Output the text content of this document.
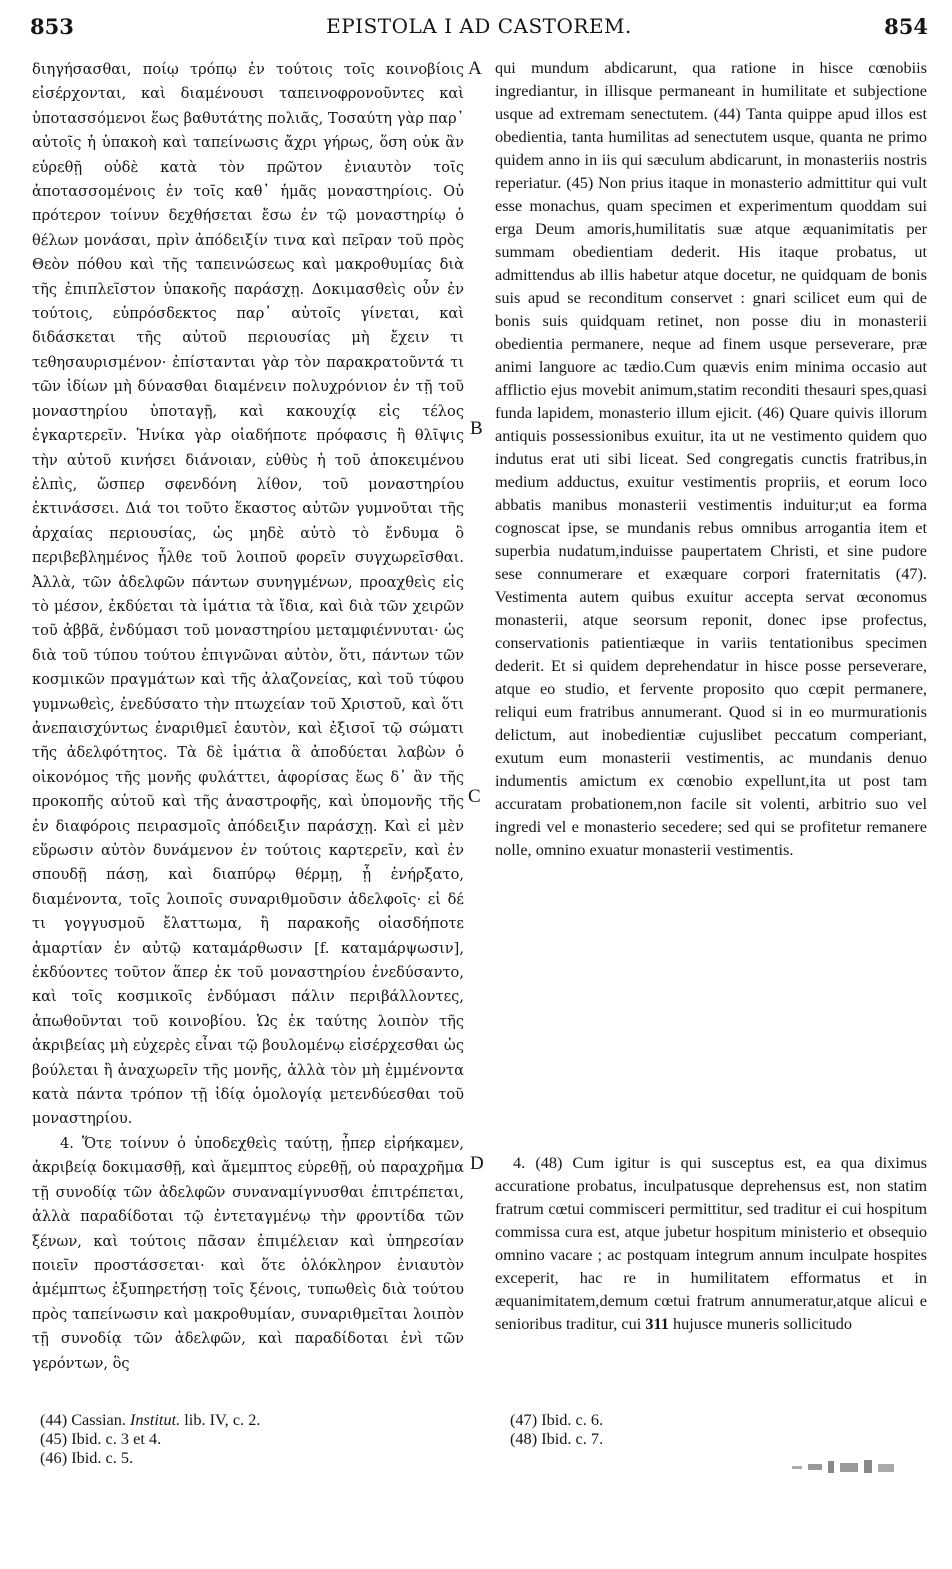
853	EPISTOLA I AD CASTOREM.	854

διηγήσασθαι, ποίῳ τρόπῳ ἐν τούτοις τοῖς κοινοβίοις εἰσέρχονται, καὶ διαμένουσι ταπεινοφρονοῦντες καὶ ὑποτασσόμενοι ἕως βαθυτάτης πολιᾶς, Τοσαύτη γὰρ παρ᾽ αὐτοῖς ἡ ὑπακοὴ καὶ ταπείνωσις ἄχρι γήρως, ὅση οὐκ ἂν εὑρεθῇ οὐδὲ κατὰ τὸν πρῶτον ἐνιαυτὸν τοῖς ἀποτασσομένοις ἐν τοῖς καθ᾽ ἡμᾶς μοναστηρίοις. Οὐ πρότερον τοίνυν δεχθήσεται ἔσω ἐν τῷ μοναστηρίῳ ὁ θέλων μονάσαι, πρὶν ἀπόδειξίν τινα καὶ πεῖραν τοῦ πρὸς Θεὸν πόθου καὶ τῆς ταπεινώσεως καὶ μακροθυμίας διὰ τῆς ἐπιπλεῖστον ὑπακοῆς παράσχῃ. Δοκιμασθεὶς οὖν ἐν τούτοις, εὐπρόσδεκτος παρ᾽ αὐτοῖς γίνεται, καὶ διδάσκεται τῆς αὐτοῦ περιουσίας μὴ ἔχειν τι τεθησαυρισμένον· ἐπίστανται γὰρ τὸν παρακρατοῦντά τι τῶν ἰδίων μὴ δύνασθαι διαμένειν πολυχρόνιον ἐν τῇ τοῦ μοναστηρίου ὑποταγῇ, καὶ κακουχίᾳ εἰς τέλος ἐγκαρτερεῖν. Ἡνίκα γὰρ οἱαδήποτε πρόφασις ἢ θλῖψις τὴν αὐτοῦ κινήσει διάνοιαν, εὐθὺς ἡ τοῦ ἀποκειμένου ἐλπὶς, ὥσπερ σφενδόνη λίθον, τοῦ μοναστηρίου ἐκτινάσσει. Διά τοι τοῦτο ἕκαστος αὐτῶν γυμνοῦται τῆς ἀρχαίας περιουσίας, ὡς μηδὲ αὐτὸ τὸ ἔνδυμα ὃ περιβεβλημένος ἦλθε τοῦ λοιποῦ φορεῖν συγχωρεῖσθαι. Ἀλλὰ, τῶν ἀδελφῶν πάντων συνηγμένων, προαχθεὶς εἰς τὸ μέσον, ἐκδύεται τὰ ἱμάτια τὰ ἴδια, καὶ διὰ τῶν χειρῶν τοῦ ἀββᾶ, ἐνδύμασι τοῦ μοναστηρίου μεταμφιέννυται· ὡς διὰ τοῦ τύπου τούτου ἐπιγνῶναι αὐτὸν, ὅτι, πάντων τῶν κοσμικῶν πραγμάτων καὶ τῆς ἀλαζονείας, καὶ τοῦ τύφου γυμνωθεὶς, ἐνεδύσατο τὴν πτωχείαν τοῦ Χριστοῦ, καὶ ὅτι ἀνεπαισχύντως ἐναριθμεῖ ἑαυτὸν, καὶ ἐξισοῖ τῷ σώματι τῆς ἀδελφότητος. Τὰ δὲ ἱμάτια ἃ ἀποδύεται λαβὼν ὁ οἰκονόμος τῆς μονῆς φυλάττει, ἀφορίσας ἕως δ᾽ ἂν τῆς προκοπῆς αὐτοῦ καὶ τῆς ἀναστροφῆς, καὶ ὑπομονῆς τῆς ἐν διαφόροις πειρασμοῖς ἀπόδειξιν παράσχῃ. Καὶ εἰ μὲν εὕρωσιν αὐτὸν δυνάμενον ἐν τούτοις καρτερεῖν, καὶ ἐν σπουδῇ πάσῃ, καὶ διαπύρῳ θέρμῃ, ᾗ ἐνήρξατο, διαμένοντα, τοῖς λοιποῖς συναριθμοῦσιν ἀδελφοῖς· εἰ δέ τι γογγυσμοῦ ἔλαττωμα, ἢ παρακοῆς οἱασδήποτε ἁμαρτίαν ἐν αὐτῷ καταμάρθωσιν [f. καταμάρψωσιν], ἐκδύοντες τοῦτον ἅπερ ἐκ τοῦ μοναστηρίου ἐνεδύσαντο, καὶ τοῖς κοσμικοῖς ἐνδύμασι πάλιν περιβάλλοντες, ἀπωθοῦνται τοῦ κοινοβίου. Ὡς ἐκ ταύτης λοιπὸν τῆς ἀκριβείας μὴ εὐχερὲς εἶναι τῷ βουλομένῳ εἰσέρχεσθαι ὡς βούλεται ἢ ἀναχωρεῖν τῆς μονῆς, ἀλλὰ τὸν μὴ ἐμμένοντα κατὰ πάντα τρόπον τῇ ἰδίᾳ ὁμολογίᾳ μετενδύεσθαι τοῦ μοναστηρίου.

4. Ὅτε τοίνυν ὁ ὑποδεχθεὶς ταύτῃ, ᾗπερ εἰρήκαμεν, ἀκριβείᾳ δοκιμασθῇ, καὶ ἄμεμπτος εὑρεθῇ, οὐ παραχρῆμα τῇ συνοδίᾳ τῶν ἀδελφῶν συναναμίγνυσθαι ἐπιτρέπεται, ἀλλὰ παραδίδοται τῷ ἐντεταγμένῳ τὴν φροντίδα τῶν ξένων, καὶ τούτοις πᾶσαν ἐπιμέλειαν καὶ ὑπηρεσίαν ποιεῖν προστάσσεται· καὶ ὅτε ὁλόκληρον ἐνιαυτὸν ἀμέμπτως ἐξυπηρετήσῃ τοῖς ξένοις, τυπωθεὶς διὰ τούτου πρὸς ταπείνωσιν καὶ μακροθυμίαν, συναριθμεῖται λοιπὸν τῇ συνοδίᾳ τῶν ἀδελφῶν, καὶ παραδίδοται ἑνὶ τῶν γερόντων, ὃς

A
B
C
D

qui mundum abdicarunt, qua ratione in hisce cœnobiis ingrediantur, in illisque permaneant in humilitate et subjectione usque ad extremam senectutem. (44) Tanta quippe apud illos est obedientia, tanta humilitas ad senectutem usque, quanta ne primo quidem anno in iis qui sæculum abdicarunt, in monasteriis nostris reperiatur. (45) Non prius itaque in monasterio admittitur qui vult esse monachus, quam specimen et experimentum quoddam sui erga Deum amoris,humilitatis suæ atque æquanimitatis per summam obedientiam dederit. His itaque probatus, ut admittendus ab illis habetur atque docetur, ne quidquam de bonis suis apud se reconditum conservet : gnari scilicet eum qui de bonis suis quidquam retinet, non posse diu in monasterii obedientia permanere, neque ad finem usque perseverare, præ animi languore ac tædio.Cum quævis enim minima occasio aut afflictio ejus movebit animum,statim reconditi thesauri spes,quasi funda lapidem, monasterio illum ejicit. (46) Quare quivis illorum antiquis possessionibus exuitur, ita ut ne vestimento quidem quo indutus erat uti sibi liceat. Sed congregatis cunctis fratribus,in medium adductus, exuitur vestimentis propriis, et eorum loco abbatis manibus monasterii vestimentis induitur;ut ea forma cognoscat ipse, se mundanis rebus omnibus arrogantia item et superbia nudatum,induisse paupertatem Christi, et sine pudore sese connumerare et exæquare corpori fraternitatis (47). Vestimenta autem quibus exuitur accepta servat œconomus monasterii, atque seorsum reponit, donec ipse profectus, conservationis patientiæque in variis tentationibus specimen dederit. Et si quidem deprehendatur in hisce posse perseverare, atque eo studio, et fervente proposito quo cœpit permanere, reliqui eum fratribus annumerant. Quod si in eo murmurationis delictum, aut inobedientiæ cujuslibet peccatum comperiant, exutum eum monasterii vestimentis, ac mundanis denuo indumentis amictum ex cœnobio expellunt,ita ut post tam accuratam probationem,non facile sit volenti, arbitrio suo vel ingredi vel e monasterio secedere; sed qui se profitetur remanere nolle, omnino exuatur monasterii vestimentis.

4. (48) Cum igitur is qui susceptus est, ea qua diximus accuratione probatus, inculpatusque deprehensus est, non statim fratrum cœtui commisceri permittitur, sed traditur ei cui hospitum commissa cura est, atque jubetur hospitum ministerio et obsequio omnino vacare ; ac postquam integrum annum inculpate hospites exceperit, hac re in humilitatem efformatus et in æquanimitatem,demum cœtui fratrum annumeratur,atque alicui e senioribus traditur, cui 311 hujusce muneris sollicitudo

(44) Cassian. Institut. lib. IV, c. 2.
(45) Ibid. c. 3 et 4.
(46) Ibid. c. 5.
(47) Ibid. c. 6.
(48) Ibid. c. 7.
